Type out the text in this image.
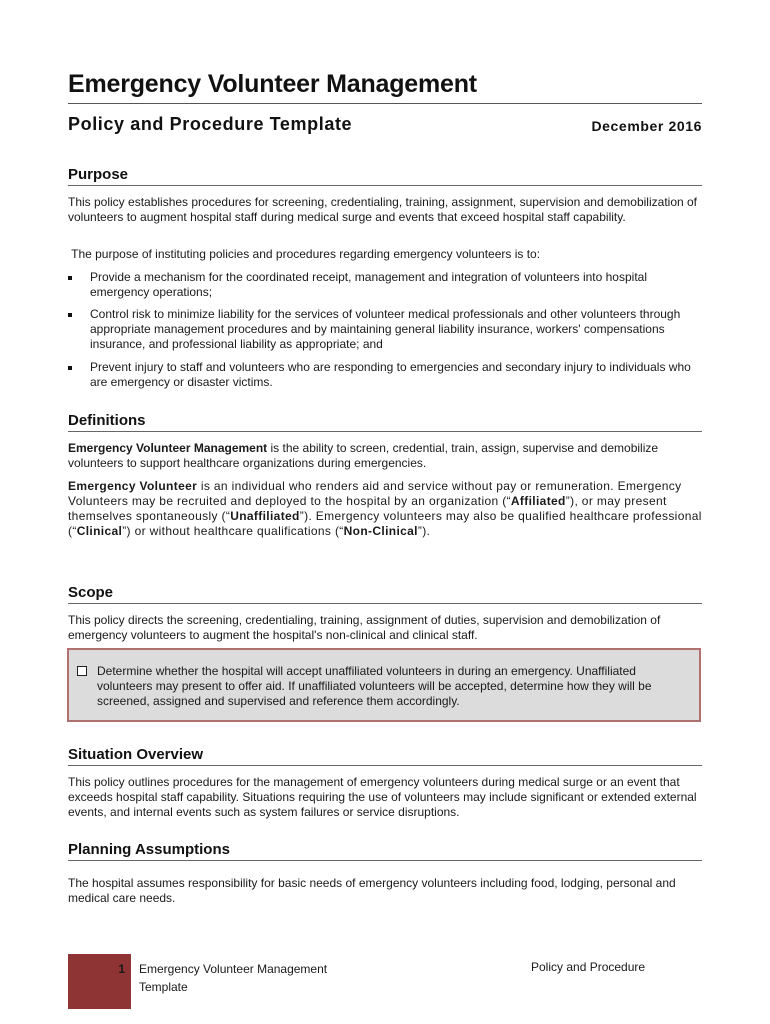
Emergency Volunteer Management
Policy and Procedure Template	December 2016
Purpose

This policy establishes procedures for screening, credentialing, training, assignment, supervision and demobilization of volunteers to augment hospital staff during medical surge and events that exceed hospital staff capability.

The purpose of instituting policies and procedures regarding emergency volunteers is to:

Provide a mechanism for the coordinated receipt, management and integration of volunteers into hospital emergency operations;
Control risk to minimize liability for the services of volunteer medical professionals and other volunteers through appropriate management procedures and by maintaining general liability insurance, workers' compensations insurance, and professional liability as appropriate; and
Prevent injury to staff and volunteers who are responding to emergencies and secondary injury to individuals who are emergency or disaster victims.
Definitions

Emergency Volunteer Management is the ability to screen, credential, train, assign, supervise and demobilize volunteers to support healthcare organizations during emergencies.

Emergency Volunteer is an individual who renders aid and service without pay or remuneration. Emergency Volunteers may be recruited and deployed to the hospital by an organization (“Affiliated”), or may present themselves spontaneously (“Unaffiliated”). Emergency volunteers may also be qualified healthcare professional (“Clinical”) or without healthcare qualifications (“Non-Clinical”).

Scope

This policy directs the screening, credentialing, training, assignment of duties, supervision and demobilization of emergency volunteers to augment the hospital's non-clinical and clinical staff.

Determine whether the hospital will accept unaffiliated volunteers in during an emergency. Unaffiliated volunteers may present to offer aid. If unaffiliated volunteers will be accepted, determine how they will be screened, assigned and supervised and reference them accordingly.
Situation Overview

This policy outlines procedures for the management of emergency volunteers during medical surge or an event that exceeds hospital staff capability. Situations requiring the use of volunteers may include significant or extended external events, and internal events such as system failures or service disruptions.

Planning Assumptions

The hospital assumes responsibility for basic needs of emergency volunteers including food, lodging, personal and medical care needs.

1 Emergency Volunteer Management
Template
Policy and Procedure
